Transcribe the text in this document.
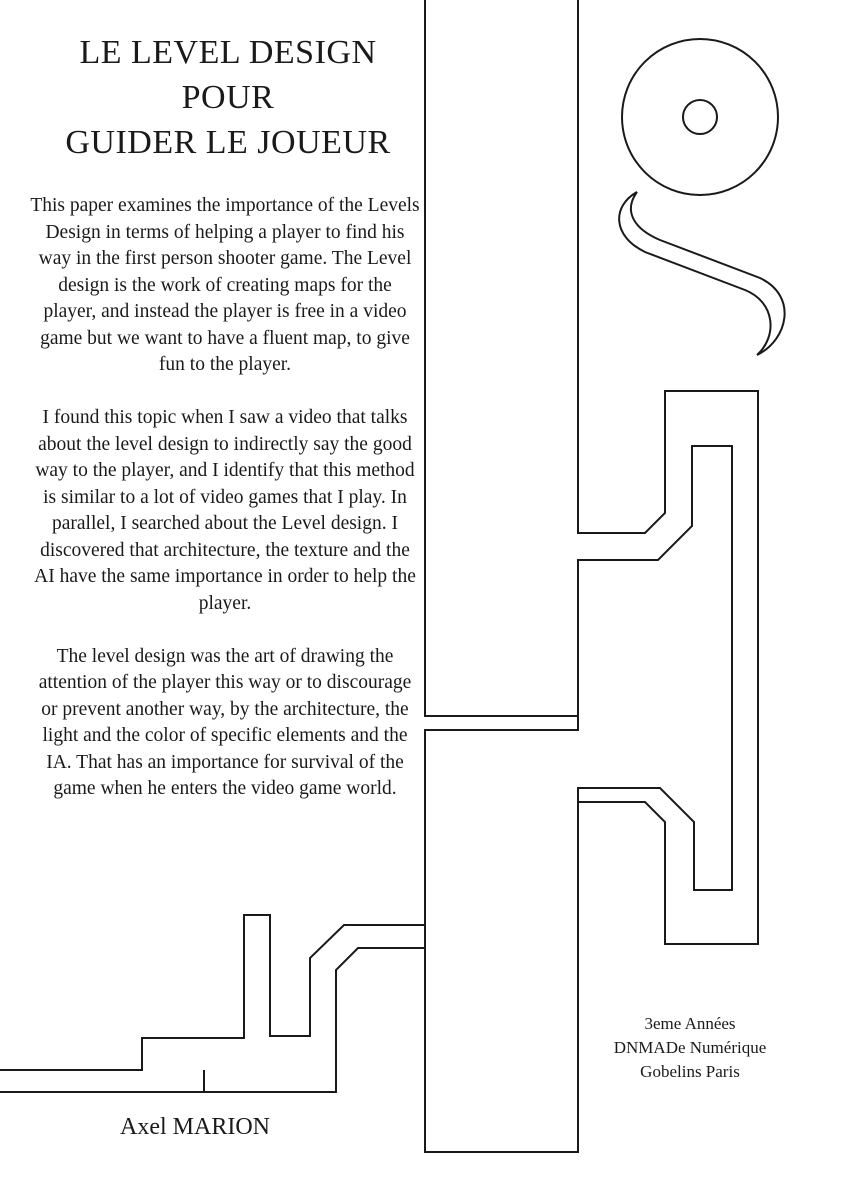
LE LEVEL DESIGN
POUR
GUIDER LE JOUEUR

This paper examines the importance of the Levels Design in terms of helping a player to find his way in the first person shooter game. The Level design is the work of creating maps for the player, and instead the player is free in a video game but we want to have a fluent map, to give fun to the player.

I found this topic when I saw a video that talks about the level design to indirectly say the good way to the player, and I identify that this method is similar to a lot of video games that I play. In parallel, I searched about the Level design. I discovered that architecture, the texture and the AI have the same importance in order to help the player.

The level design was the art of drawing the attention of the player this way or to discourage or prevent another way, by the architecture, the light and the color of specific elements and the IA. That has an importance for survival of the game when he enters the video game world.

Axel MARION
3eme Années
DNMADe Numérique
Gobelins Paris
